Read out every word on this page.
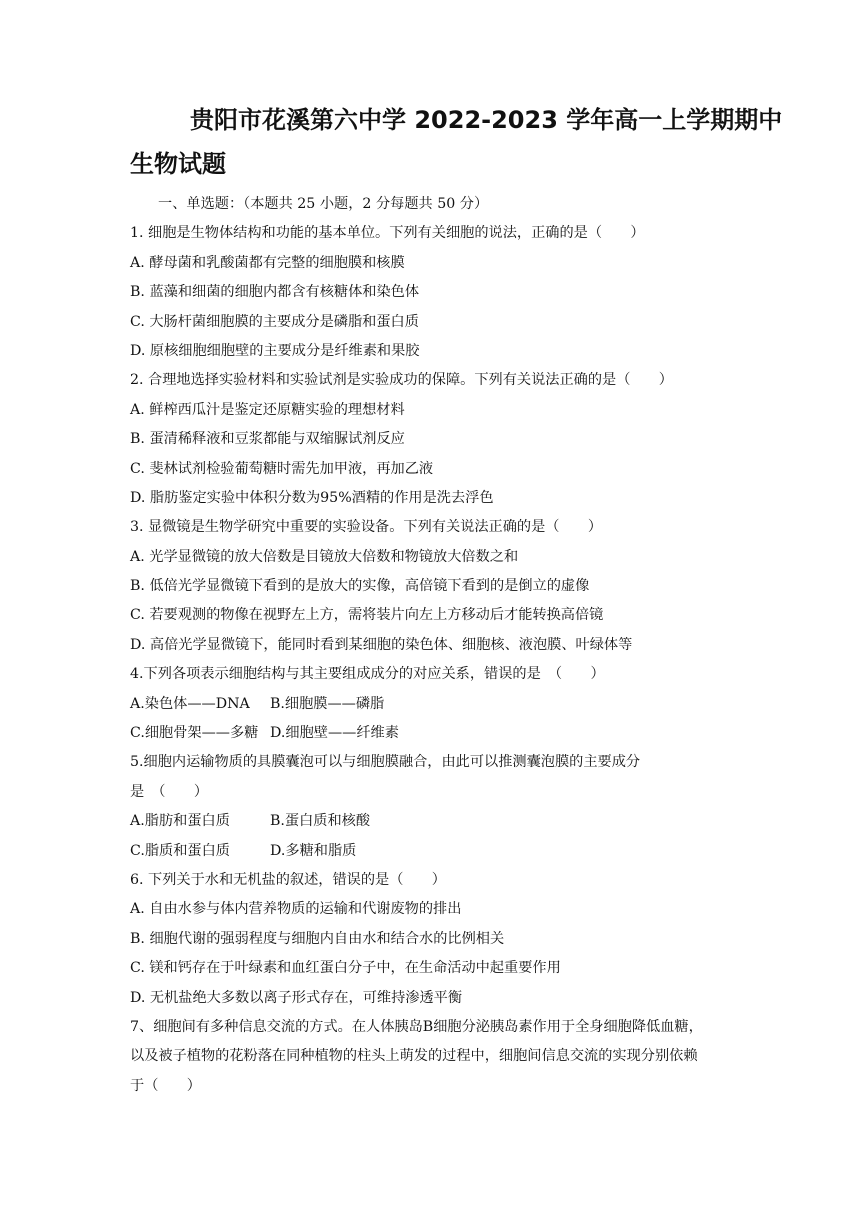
贵阳市花溪第六中学 2022-2023 学年高一上学期期中
生物试题
一、单选题：（本题共 25 小题，2 分每题共 50 分）
1. 细胞是生物体结构和功能的基本单位。下列有关细胞的说法，正确的是（　　）
A. 酵母菌和乳酸菌都有完整的细胞膜和核膜
B. 蓝藻和细菌的细胞内都含有核糖体和染色体
C. 大肠杆菌细胞膜的主要成分是磷脂和蛋白质
D. 原核细胞细胞壁的主要成分是纤维素和果胶
2. 合理地选择实验材料和实验试剂是实验成功的保障。下列有关说法正确的是（　　）
A. 鲜榨西瓜汁是鉴定还原糖实验的理想材料
B. 蛋清稀释液和豆浆都能与双缩脲试剂反应
C. 斐林试剂检验葡萄糖时需先加甲液，再加乙液
D. 脂肪鉴定实验中体积分数为95%酒精的作用是洗去浮色
3. 显微镜是生物学研究中重要的实验设备。下列有关说法正确的是（　　）
A. 光学显微镜的放大倍数是目镜放大倍数和物镜放大倍数之和
B. 低倍光学显微镜下看到的是放大的实像，高倍镜下看到的是倒立的虚像
C. 若要观测的物像在视野左上方，需将装片向左上方移动后才能转换高倍镜
D. 高倍光学显微镜下，能同时看到某细胞的染色体、细胞核、液泡膜、叶绿体等
4.下列各项表示细胞结构与其主要组成成分的对应关系，错误的是　（　　）
A.染色体——DNA B.细胞膜——磷脂
C.细胞骨架——多糖 D.细胞壁——纤维素
5.细胞内运输物质的具膜囊泡可以与细胞膜融合，由此可以推测囊泡膜的主要成分
是　（　　）
A.脂肪和蛋白质	B.蛋白质和核酸
C.脂质和蛋白质	D.多糖和脂质
6. 下列关于水和无机盐的叙述，错误的是（　　）
A. 自由水参与体内营养物质的运输和代谢废物的排出
B. 细胞代谢的强弱程度与细胞内自由水和结合水的比例相关
C. 镁和钙存在于叶绿素和血红蛋白分子中，在生命活动中起重要作用
D. 无机盐绝大多数以离子形式存在，可维持渗透平衡
7、细胞间有多种信息交流的方式。在人体胰岛B细胞分泌胰岛素作用于全身细胞降低血糖，
以及被子植物的花粉落在同种植物的柱头上萌发的过程中，细胞间信息交流的实现分别依赖
于（　　）
